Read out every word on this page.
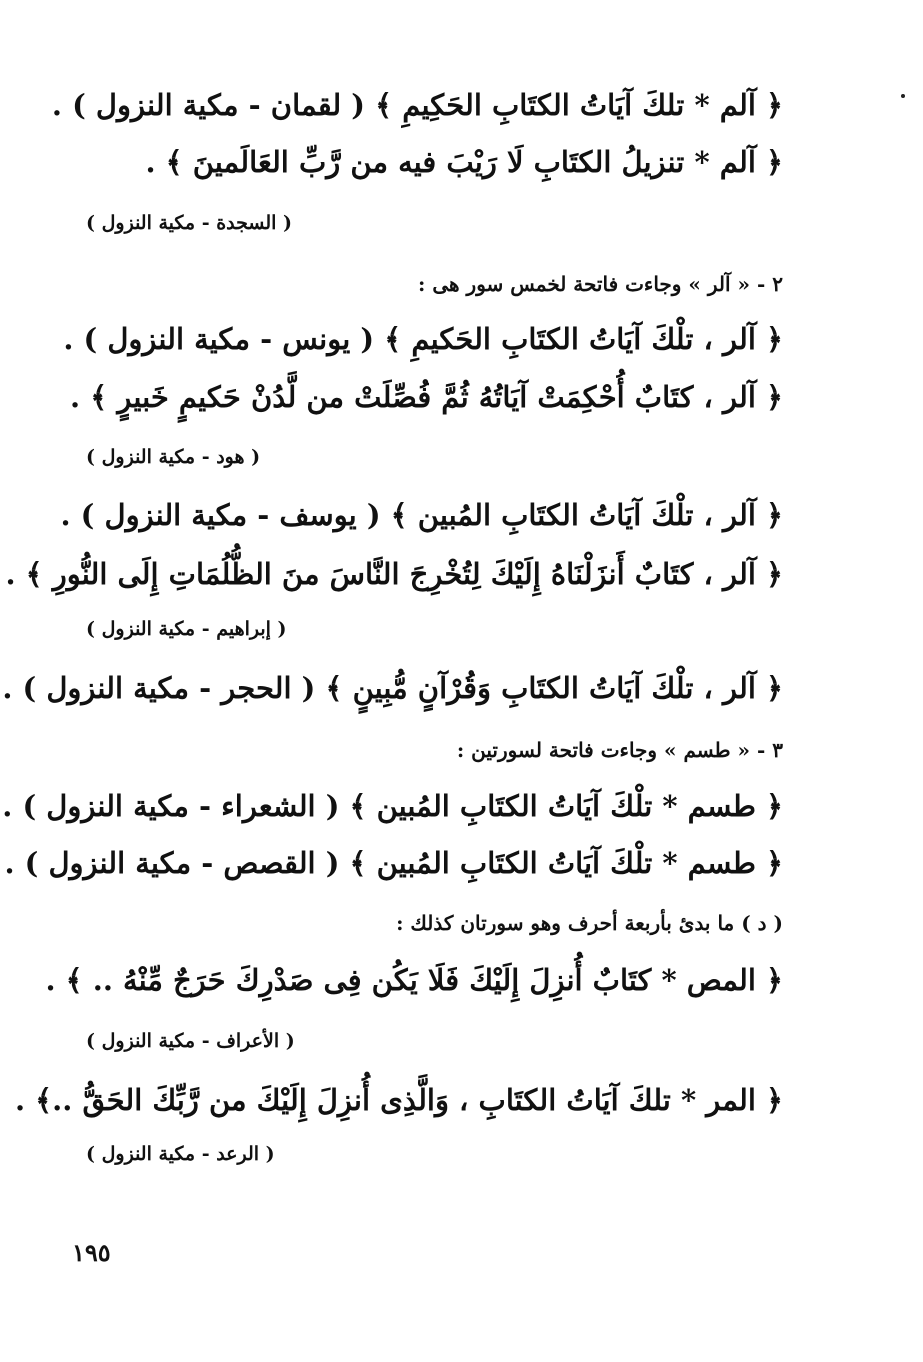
﴿ آلم * تلكَ آيَاتُ الكتَابِ الحَكِيمِ ﴾ ( لقمان - مكية النزول ) .
﴿ آلم * تنزيلُ الكتَابِ لَا رَيْبَ فيه من رَّبِّ العَالَمينَ ﴾ .
( السجدة - مكية النزول )
٢ - « آلر » وجاءت فاتحة لخمس سور هى :
﴿ آلر ، تلْكَ آيَاتُ الكتَابِ الحَكيمِ ﴾ ( يونس - مكية النزول ) .
﴿ آلر ، كتَابٌ أُحْكِمَتْ آيَاتُهُ ثُمَّ فُصِّلَتْ من لَّدُنْ حَكيمٍ خَبيرٍ ﴾ .
( هود - مكية النزول )
﴿ آلر ، تلْكَ آيَاتُ الكتَابِ المُبين ﴾ ( يوسف - مكية النزول ) .
﴿ آلر ، كتَابٌ أَنزَلْنَاهُ إِلَيْكَ لِتُخْرِجَ النَّاسَ منَ الظُّلُمَاتِ إِلَى النُّورِ ﴾ .
( إبراهيم - مكية النزول )
﴿ آلر ، تلْكَ آيَاتُ الكتَابِ وَقُرْآنٍ مُّبِينٍ ﴾ ( الحجر - مكية النزول ) .
٣ - « طسم » وجاءت فاتحة لسورتين :
﴿ طسم * تلْكَ آيَاتُ الكتَابِ المُبين ﴾ ( الشعراء - مكية النزول ) .
﴿ طسم * تلْكَ آيَاتُ الكتَابِ المُبين ﴾ ( القصص - مكية النزول ) .
( د ) ما بدئ بأربعة أحرف وهو سورتان كذلك :
﴿ المص * كتَابٌ أُنزِلَ إِلَيْكَ فَلَا يَكُن فِى صَدْرِكَ حَرَجٌ مِّنْهُ .. ﴾ .
( الأعراف - مكية النزول )
﴿ المر * تلكَ آيَاتُ الكتَابِ ، وَالَّذِى أُنزِلَ إِلَيْكَ من رَّبِّكَ الحَقُّ ..﴾ .
( الرعد - مكية النزول )
١٩٥
